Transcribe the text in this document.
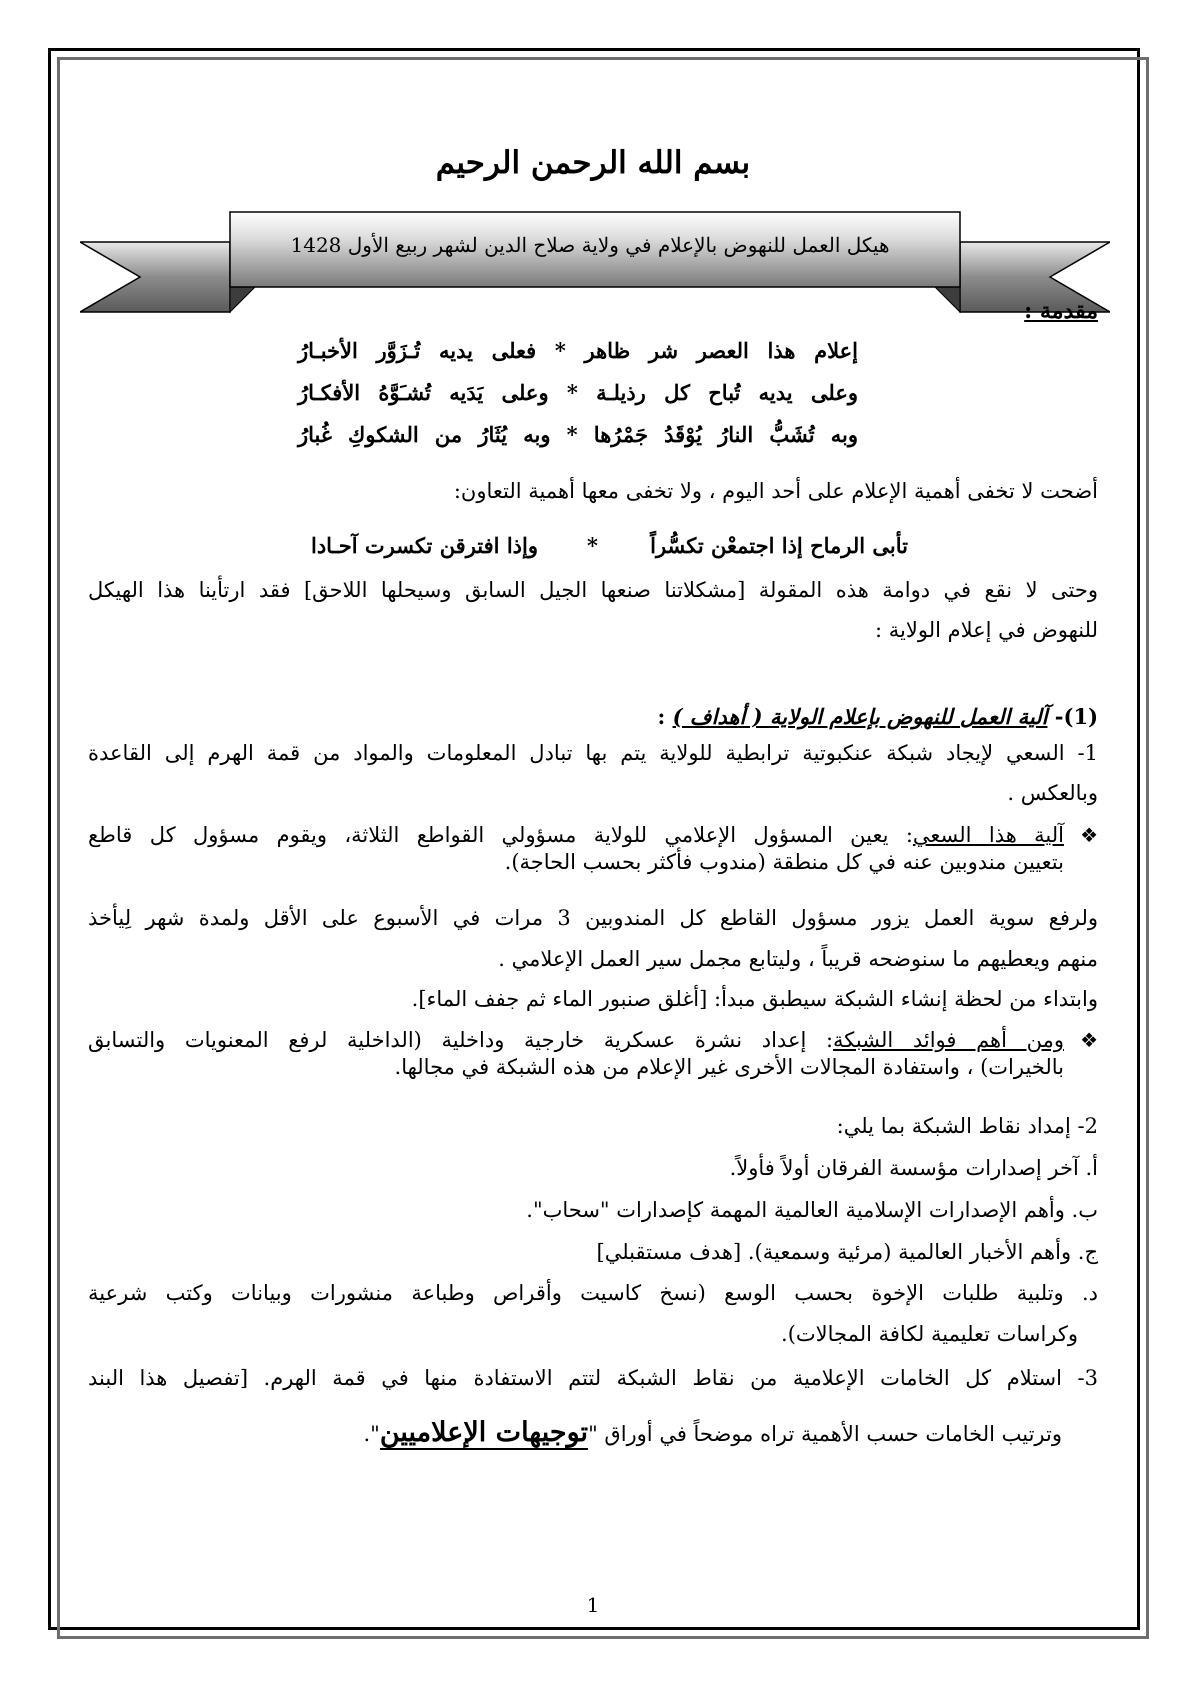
بسم الله الرحمن الرحيم
هيكل العمل للنهوض بالإعلام في ولاية صلاح الدين لشهر ربيع الأول 1428
مقدمة :
إعلام هذا العصر شر ظاهر * فعلى يديه تُـزَوَّر الأخبـارُ
وعلى يديه تُباح كل رذيلـة * وعلى يَدَيه تُشـَوَّهُ الأفكـارُ
وبه تُشَبُّ النارُ يُوْقَدُ جَمْرُها * وبه يُثَارُ من الشكوكِ غُبارُ
أضحت لا تخفى أهمية الإعلام على أحد اليوم ، ولا تخفى معها أهمية التعاون:
تأبى الرماح إذا اجتمعْن تكسُّراً
*
وإذا افترقن تكسرت آحـادا
وحتى لا نقع في دوامة هذه المقولة [مشكلاتنا صنعها الجيل السابق وسيحلها اللاحق] فقد ارتأينا هذا الهيكل
للنهوض في إعلام الولاية :
(1)- آلية العمل للنهوض بإعلام الولاية ( أهداف ) :
1- السعي لإيجاد شبكة عنكبوتية ترابطية للولاية يتم بها تبادل المعلومات والمواد من قمة الهرم إلى القاعدة
وبالعكس .
❖
آلية هذا السعي: يعين المسؤول الإعلامي للولاية مسؤولي القواطع الثلاثة، ويقوم مسؤول كل قاطع
بتعيين مندوبين عنه في كل منطقة (مندوب فأكثر بحسب الحاجة).
ولرفع سوية العمل يزور مسؤول القاطع كل المندوبين 3 مرات في الأسبوع على الأقل ولمدة شهر لِيأخذ
منهم ويعطيهم ما سنوضحه قريباً ، وليتابع مجمل سير العمل الإعلامي .
وابتداء من لحظة إنشاء الشبكة سيطبق مبدأ: [أغلق صنبور الماء ثم جفف الماء].
❖
ومن أهم فوائد الشبكة: إعداد نشرة عسكرية خارجية وداخلية (الداخلية لرفع المعنويات والتسابق
بالخيرات) ، واستفادة المجالات الأخرى غير الإعلام من هذه الشبكة في مجالها.
2- إمداد نقاط الشبكة بما يلي:
أ. آخر إصدارات مؤسسة الفرقان أولاً فأولاً.
ب. وأهم الإصدارات الإسلامية العالمية المهمة كإصدارات "سحاب".
ج. وأهم الأخبار العالمية (مرئية وسمعية). [هدف مستقبلي]
د. وتلبية طلبات الإخوة بحسب الوسع (نسخ كاسيت وأقراص وطباعة منشورات وبيانات وكتب شرعية
وكراسات تعليمية لكافة المجالات).
3- استلام كل الخامات الإعلامية من نقاط الشبكة لتتم الاستفادة منها في قمة الهرم. [تفصيل هذا البند
وترتيب الخامات حسب الأهمية تراه موضحاً في أوراق "توجيهات الإعلاميين".
1
